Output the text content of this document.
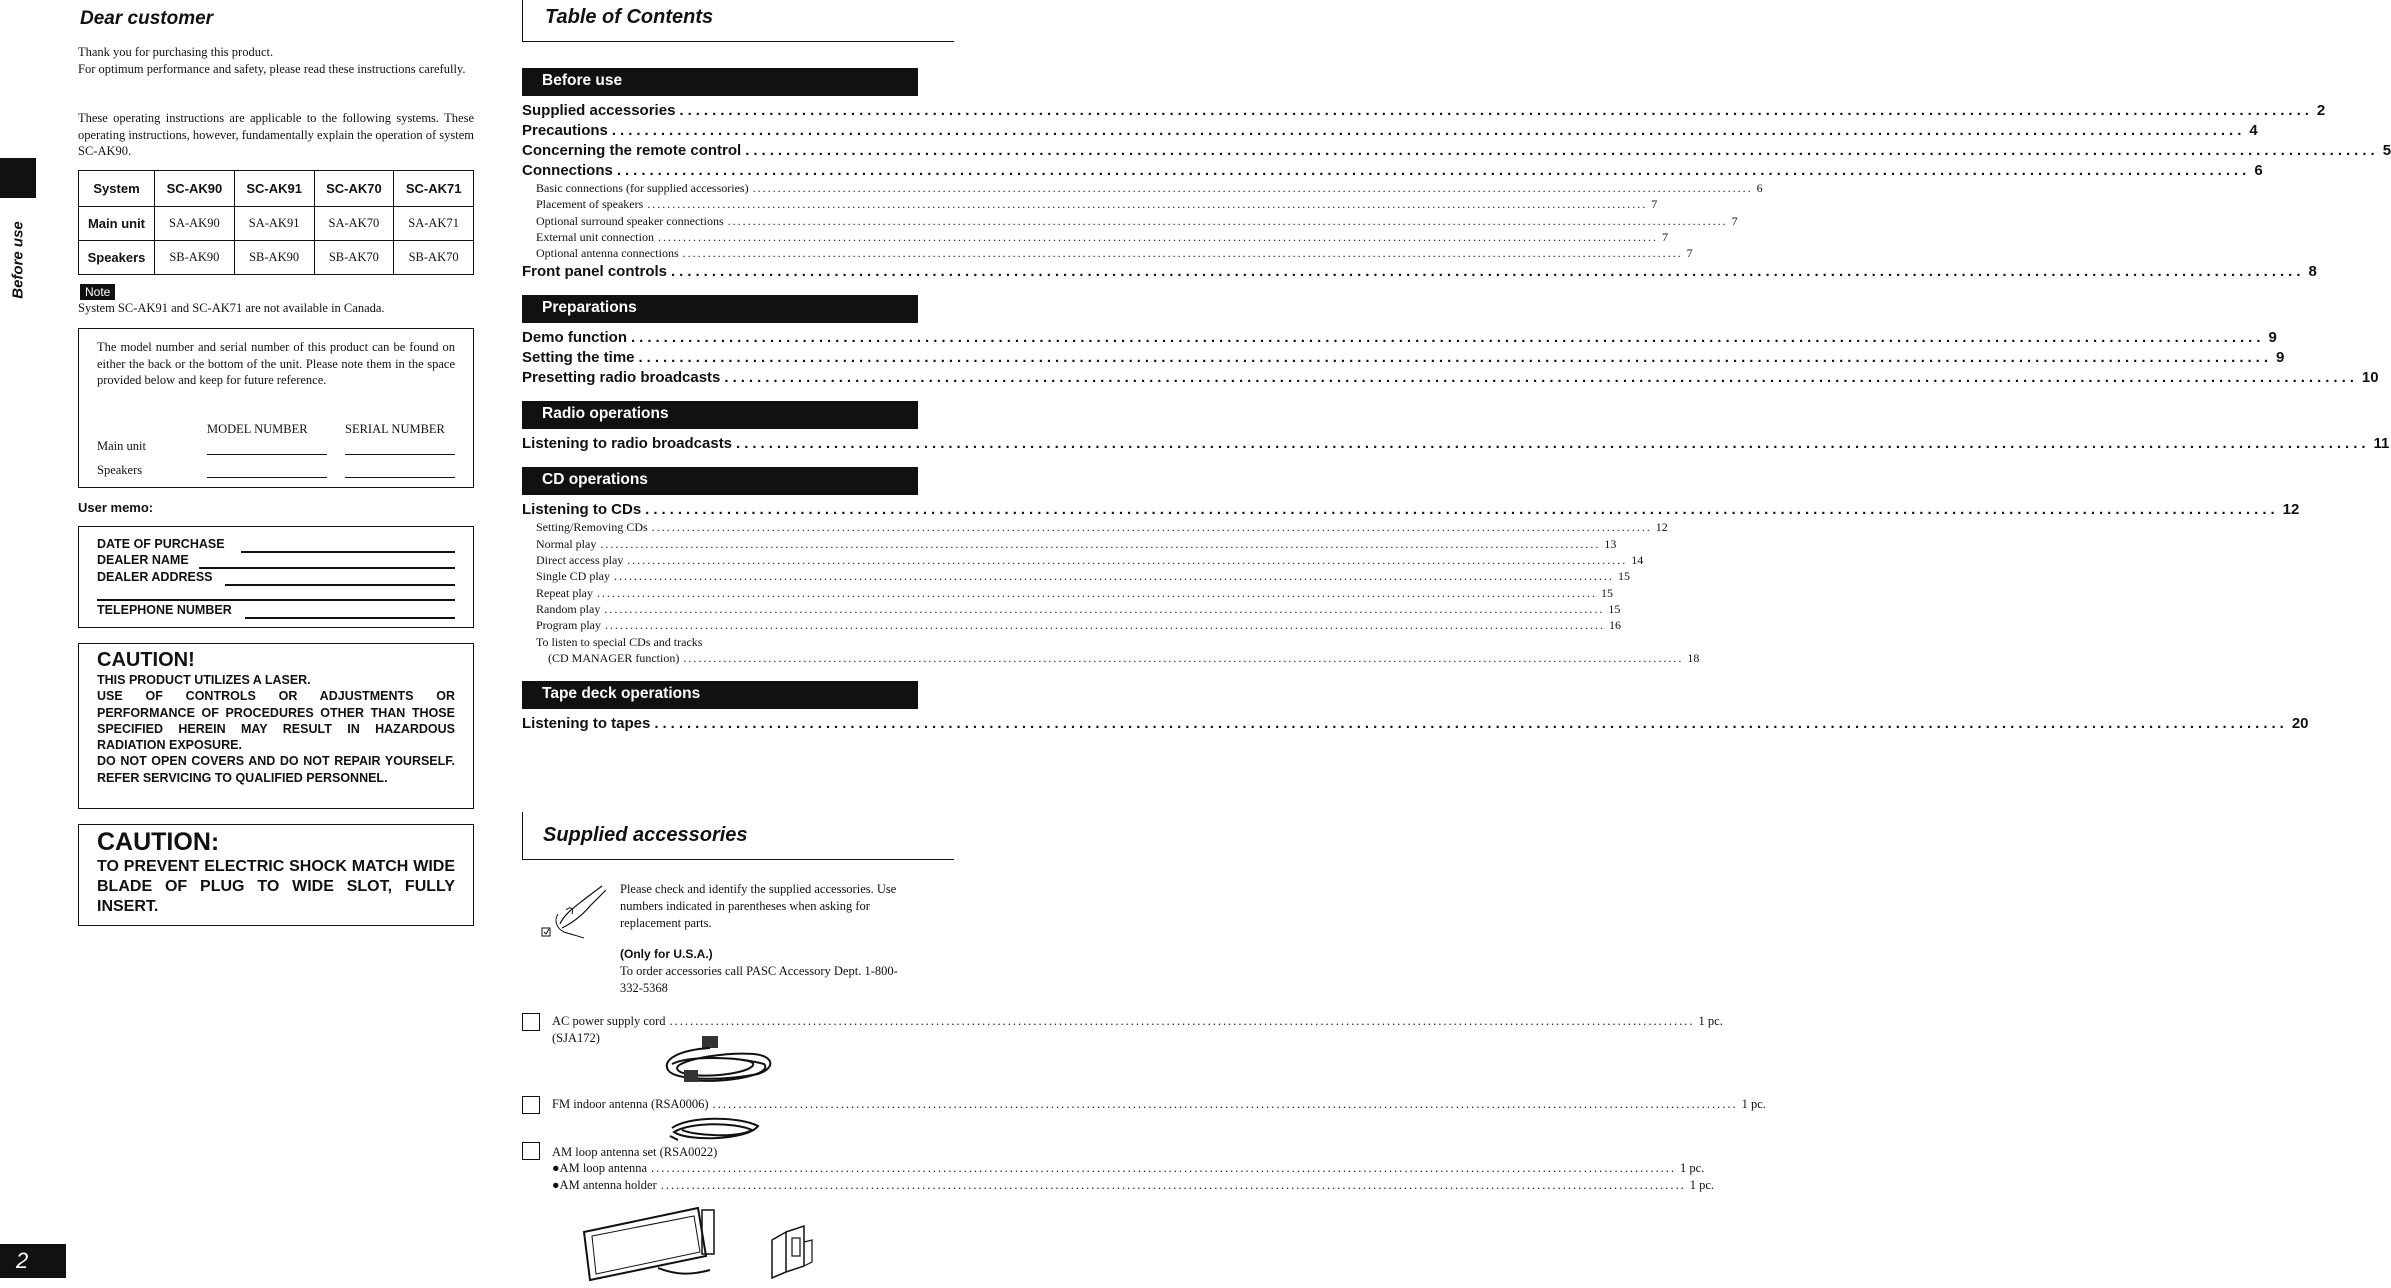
Before use
2
Dear customer
Thank you for purchasing this product.
For optimum performance and safety, please read these instructions carefully.
These operating instructions are applicable to the following systems. These operating instructions, however, fundamentally explain the operation of system SC-AK90.
System	SC-AK90	SC-AK91	SC-AK70	SC-AK71
Main unit	SA-AK90	SA-AK91	SA-AK70	SA-AK71
Speakers	SB-AK90	SB-AK90	SB-AK70	SB-AK70
Note
System SC-AK91 and SC-AK71 are not available in Canada.
The model number and serial number of this product can be found on either the back or the bottom of the unit. Please note them in the space provided below and keep for future reference.
MODEL NUMBER	SERIAL NUMBER
Main unit
Speakers
User memo:
DATE OF PURCHASE
DEALER NAME
DEALER ADDRESS
TELEPHONE NUMBER
CAUTION!
THIS PRODUCT UTILIZES A LASER.
USE OF CONTROLS OR ADJUSTMENTS OR PERFORMANCE OF PROCEDURES OTHER THAN THOSE SPECIFIED HEREIN MAY RESULT IN HAZARDOUS RADIATION EXPOSURE.
DO NOT OPEN COVERS AND DO NOT REPAIR YOURSELF. REFER SERVICING TO QUALIFIED PERSONNEL.
CAUTION:
TO PREVENT ELECTRIC SHOCK MATCH WIDE BLADE OF PLUG TO WIDE SLOT, FULLY INSERT.
Table of Contents
Before use
Supplied accessories ........................................................................................................................................................................................................ 2
Precautions ........................................................................................................................................................................................................ 4
Concerning the remote control ........................................................................................................................................................................................................ 5
Connections ........................................................................................................................................................................................................ 6
Basic connections (for supplied accessories) ........................................................................................................................................................................................................ 6
Placement of speakers ........................................................................................................................................................................................................ 7
Optional surround speaker connections ........................................................................................................................................................................................................ 7
External unit connection ........................................................................................................................................................................................................ 7
Optional antenna connections ........................................................................................................................................................................................................ 7
Front panel controls ........................................................................................................................................................................................................ 8
Preparations
Demo function ........................................................................................................................................................................................................ 9
Setting the time ........................................................................................................................................................................................................ 9
Presetting radio broadcasts ........................................................................................................................................................................................................ 10
Radio operations
Listening to radio broadcasts ........................................................................................................................................................................................................ 11
CD operations
Listening to CDs ........................................................................................................................................................................................................ 12
Setting/Removing CDs ........................................................................................................................................................................................................ 12
Normal play ........................................................................................................................................................................................................ 13
Direct access play ........................................................................................................................................................................................................ 14
Single CD play ........................................................................................................................................................................................................ 15
Repeat play ........................................................................................................................................................................................................ 15
Random play ........................................................................................................................................................................................................ 15
Program play ........................................................................................................................................................................................................ 16
To listen to special CDs and tracks
(CD MANAGER function) ........................................................................................................................................................................................................ 18
Tape deck operations
Listening to tapes ........................................................................................................................................................................................................ 20
Supplied accessories
Please check and identify the supplied accessories. Use numbers indicated in parentheses when asking for replacement parts.
(Only for U.S.A.)
To order accessories call PASC Accessory Dept. 1-800-332-5368
AC power supply cord ........................................................................................................................................................................................................ 1 pc.
(SJA172)
FM indoor antenna (RSA0006) ........................................................................................................................................................................................................ 1 pc.
AM loop antenna set (RSA0022)
●AM loop antenna ........................................................................................................................................................................................................ 1 pc.
●AM antenna holder ........................................................................................................................................................................................................ 1 pc.
